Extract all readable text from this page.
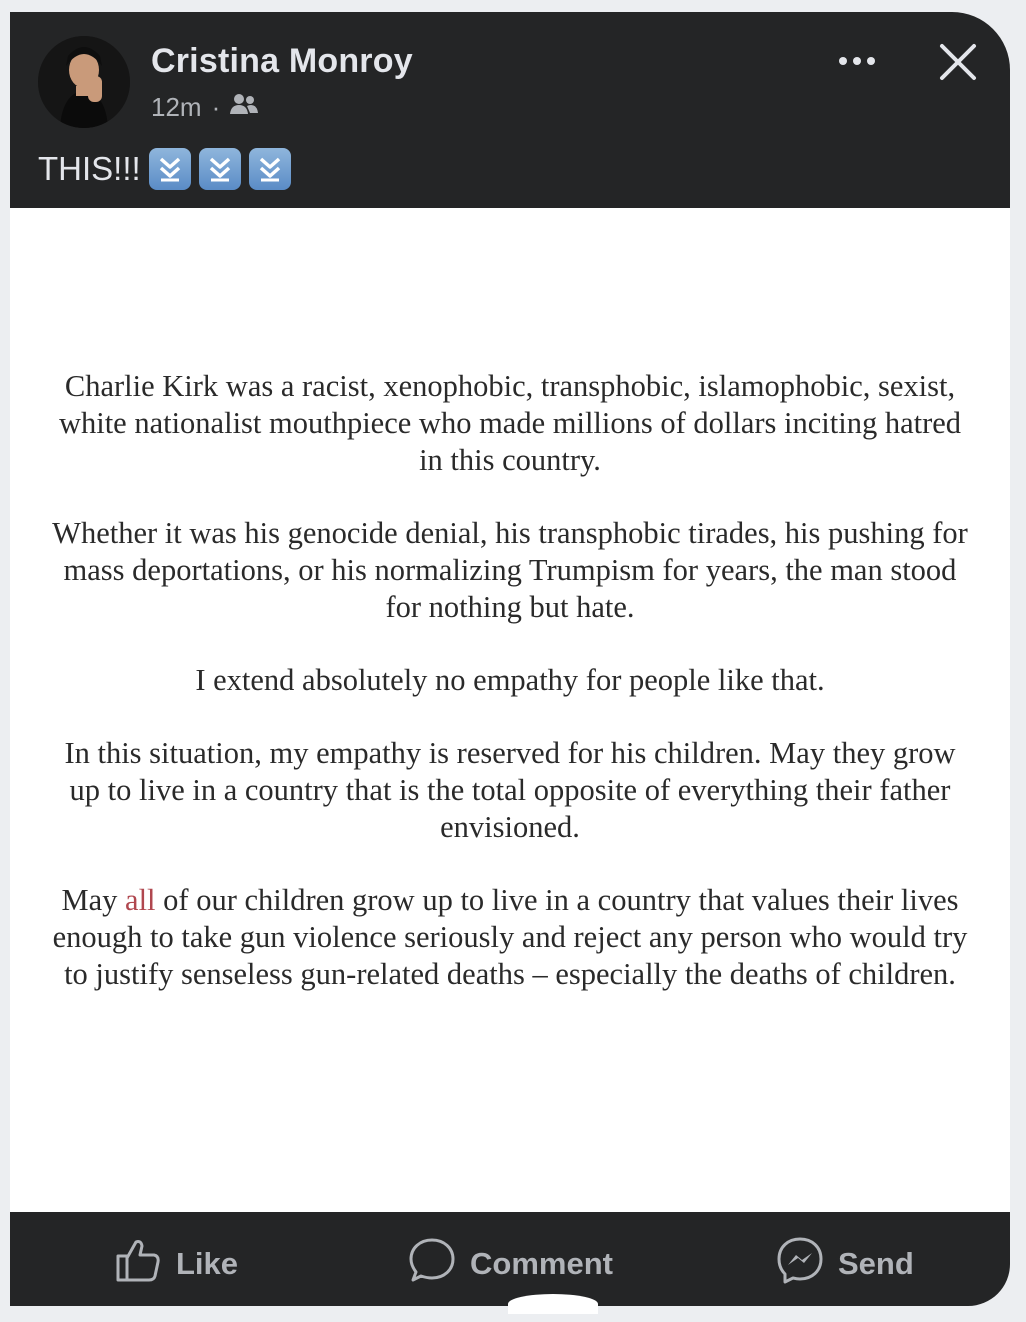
Cristina Monroy
12m ·
THIS!!!

Charlie Kirk was a racist, xenophobic, transphobic, islamophobic, sexist, white nationalist mouthpiece who made millions of dollars inciting hatred in this country.

Whether it was his genocide denial, his transphobic tirades, his pushing for mass deportations, or his normalizing Trumpism for years, the man stood for nothing but hate.

I extend absolutely no empathy for people like that.

In this situation, my empathy is reserved for his children. May they grow up to live in a country that is the total opposite of everything their father envisioned.

May all of our children grow up to live in a country that values their lives enough to take gun violence seriously and reject any person who would try to justify senseless gun-related deaths – especially the deaths of children.

Like	Comment	Send
